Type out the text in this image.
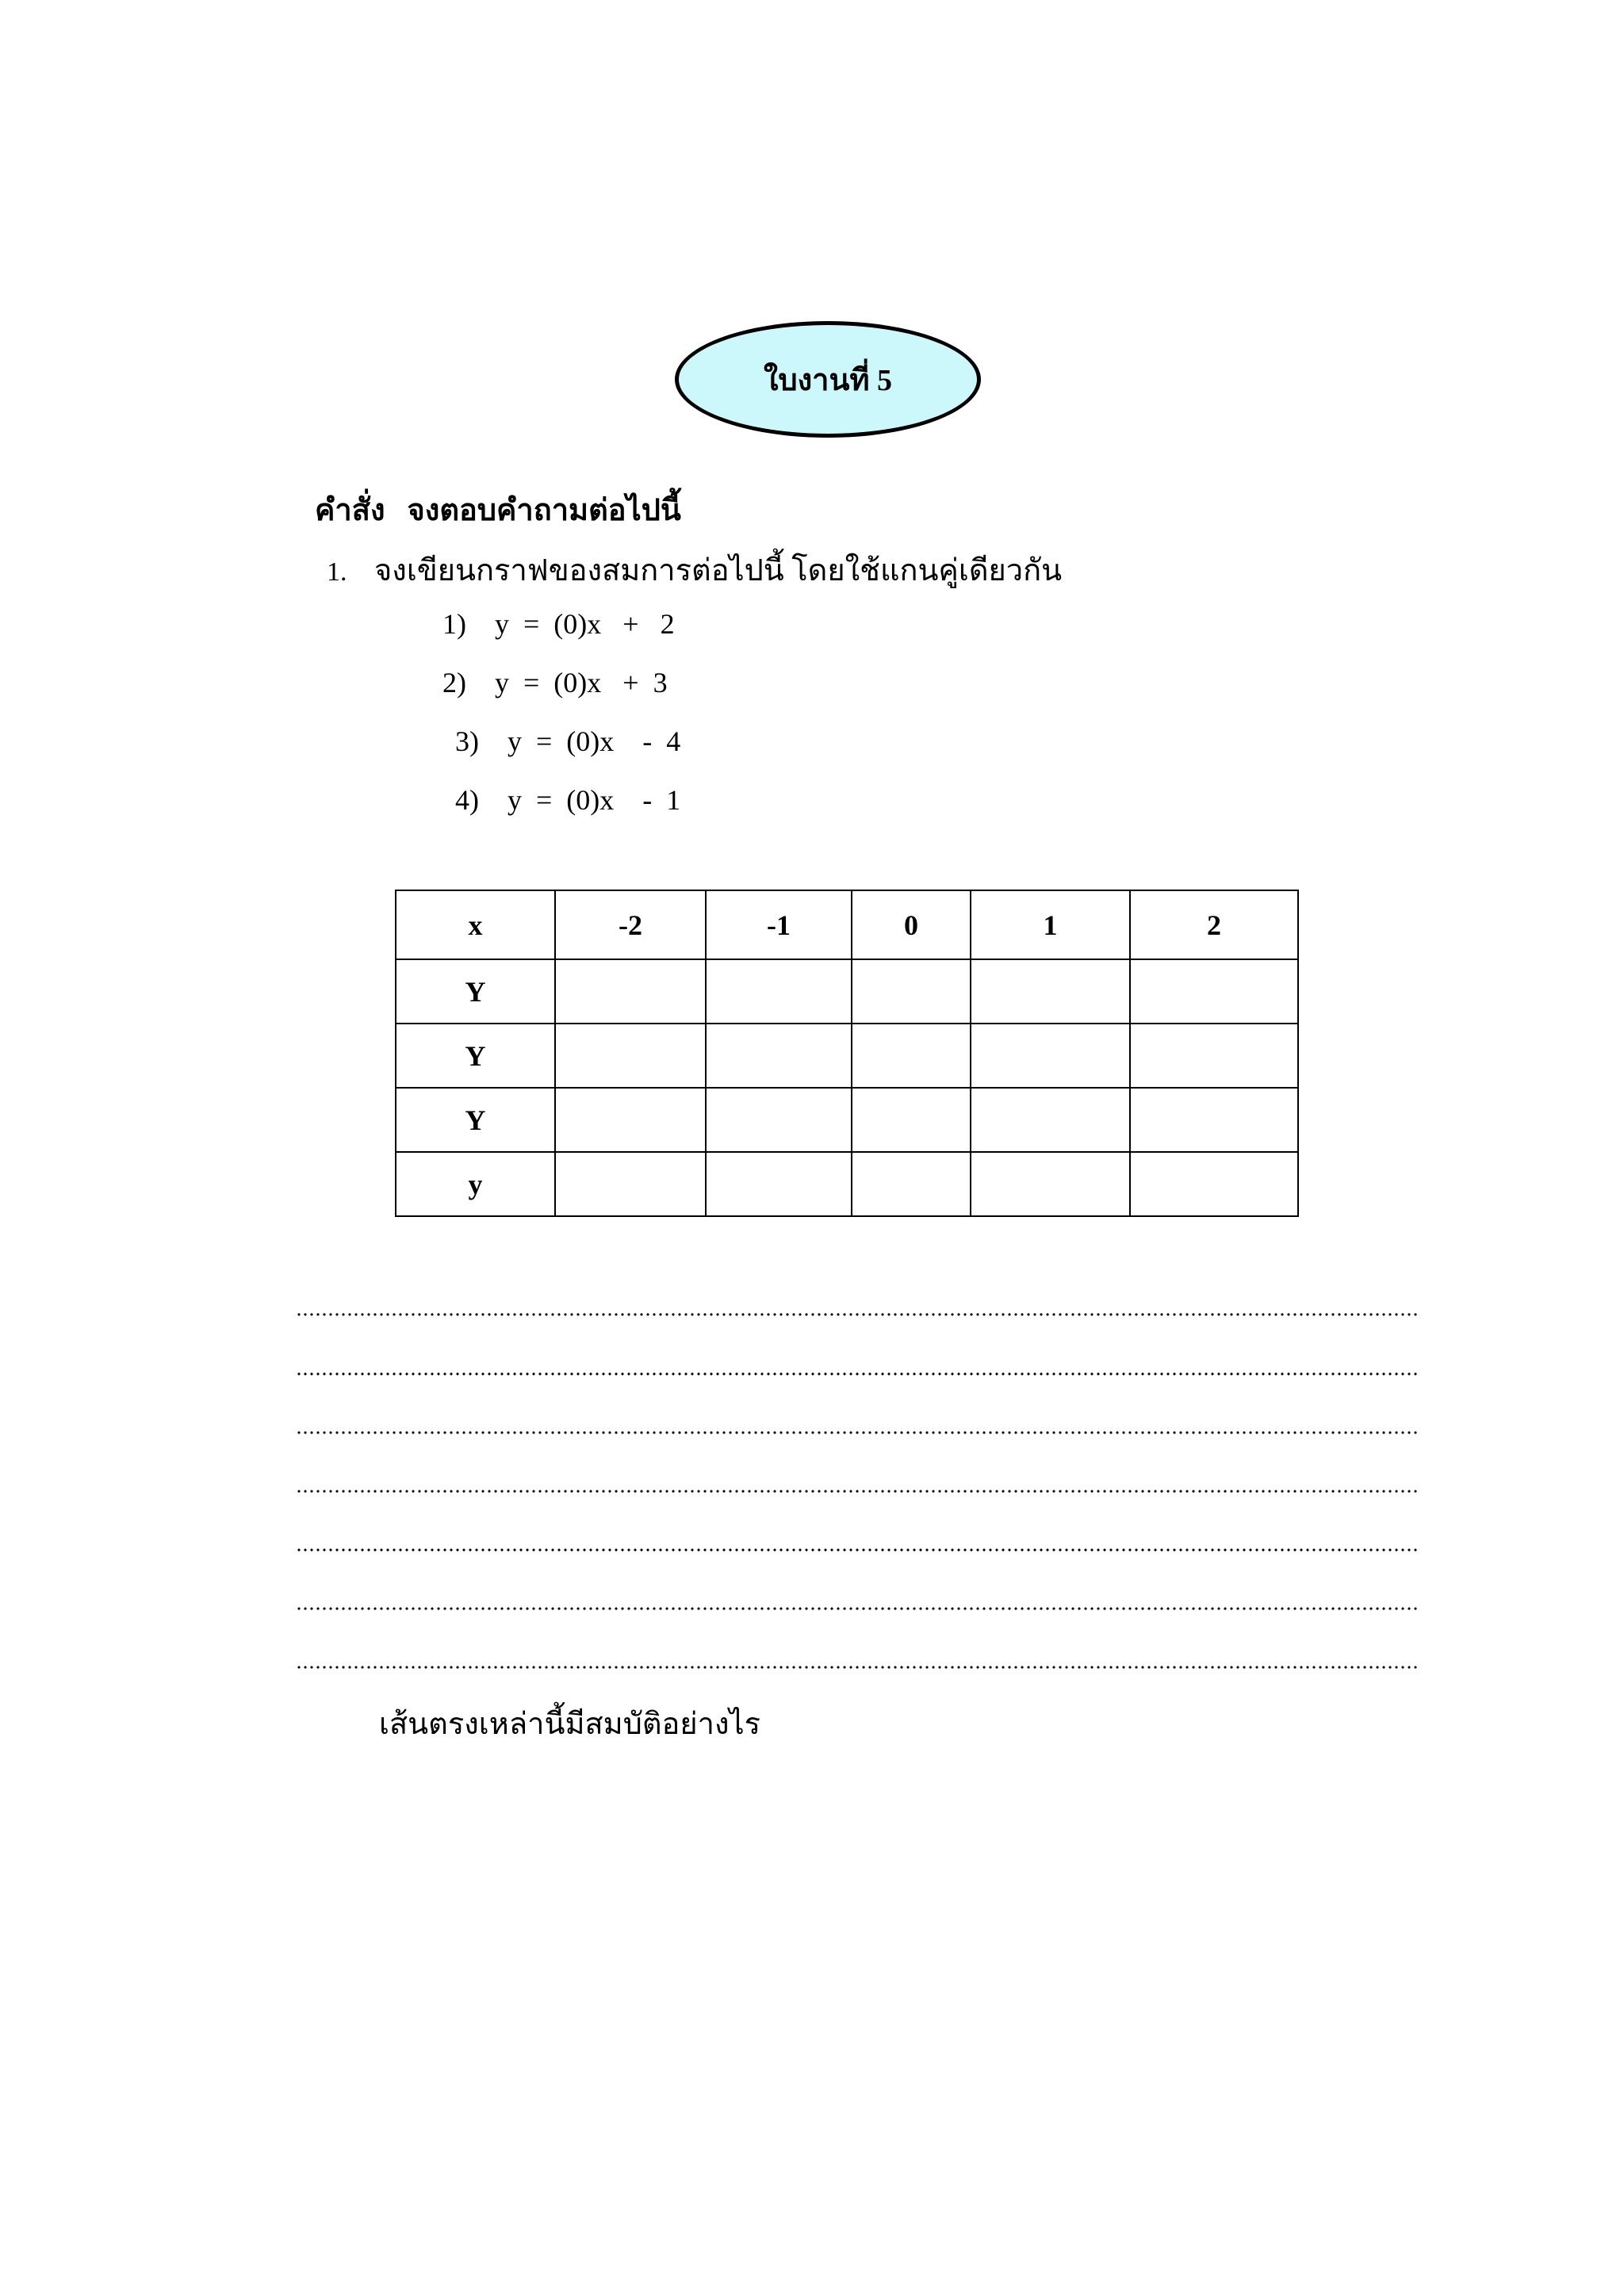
ใบงานที่ 5
คำสั่ง จงตอบคำถามต่อไปนี้
1. จงเขียนกราฟของสมการต่อไปนี้ โดยใช้แกนคู่เดียวกัน
1) y  =  (0)x   +   2
2) y  =  (0)x   +  3
3) y  =  (0)x    -  4
4) y  =  (0)x    -  1
x	-2	-1	0	1	2
Y					
Y					
Y					
y					
เส้นตรงเหล่านี้มีสมบัติอย่างไร
